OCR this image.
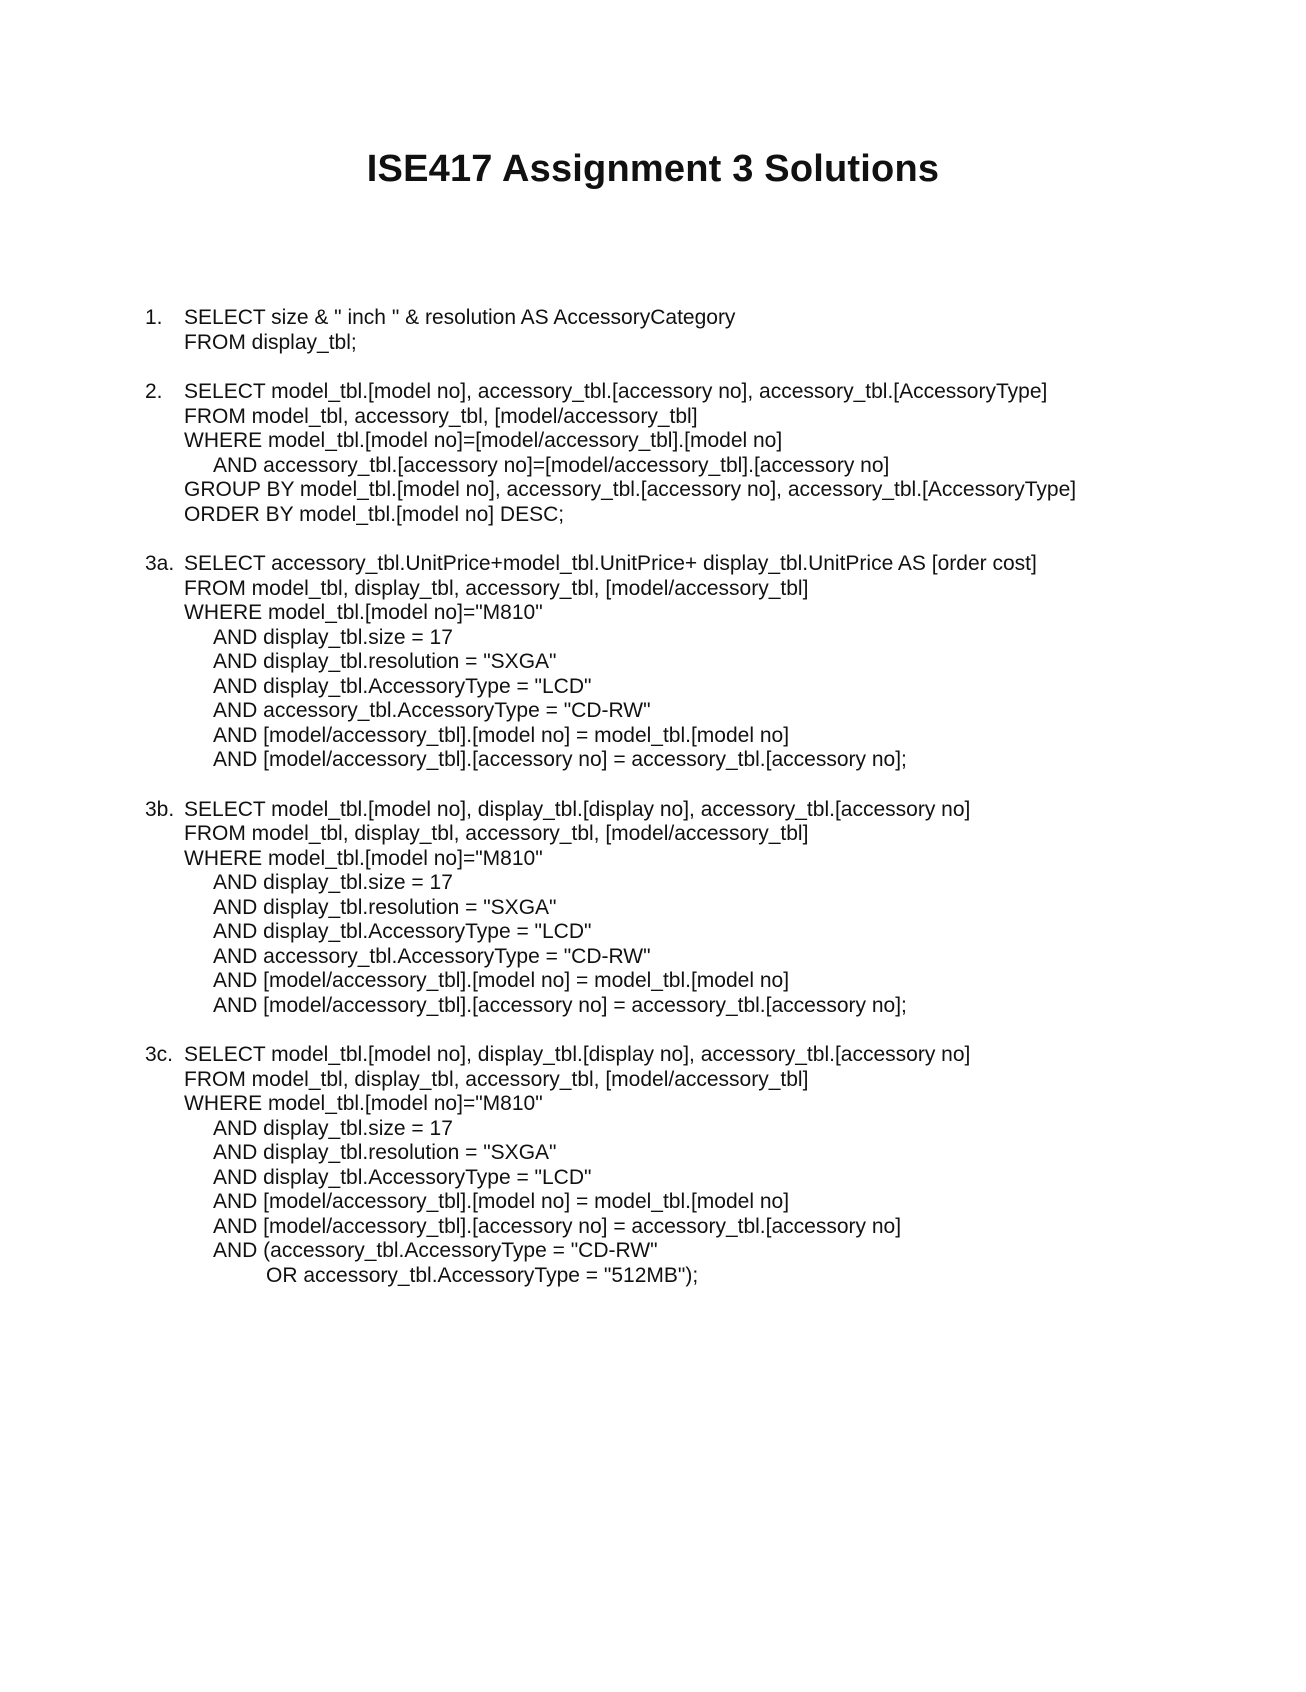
ISE417 Assignment 3 Solutions
1. SELECT size & " inch " & resolution AS AccessoryCategory
FROM display_tbl;
2. SELECT model_tbl.[model no], accessory_tbl.[accessory no], accessory_tbl.[AccessoryType]
FROM model_tbl, accessory_tbl, [model/accessory_tbl]
WHERE model_tbl.[model no]=[model/accessory_tbl].[model no]
AND accessory_tbl.[accessory no]=[model/accessory_tbl].[accessory no]
GROUP BY model_tbl.[model no], accessory_tbl.[accessory no], accessory_tbl.[AccessoryType]
ORDER BY model_tbl.[model no] DESC;
3a. SELECT accessory_tbl.UnitPrice+model_tbl.UnitPrice+ display_tbl.UnitPrice AS [order cost]
FROM model_tbl, display_tbl, accessory_tbl, [model/accessory_tbl]
WHERE model_tbl.[model no]="M810"
AND display_tbl.size = 17
AND display_tbl.resolution = "SXGA"
AND display_tbl.AccessoryType = "LCD"
AND accessory_tbl.AccessoryType = "CD-RW"
AND [model/accessory_tbl].[model no] = model_tbl.[model no]
AND [model/accessory_tbl].[accessory no] = accessory_tbl.[accessory no];
3b. SELECT model_tbl.[model no], display_tbl.[display no], accessory_tbl.[accessory no]
FROM model_tbl, display_tbl, accessory_tbl, [model/accessory_tbl]
WHERE model_tbl.[model no]="M810"
AND display_tbl.size = 17
AND display_tbl.resolution = "SXGA"
AND display_tbl.AccessoryType = "LCD"
AND accessory_tbl.AccessoryType = "CD-RW"
AND [model/accessory_tbl].[model no] = model_tbl.[model no]
AND [model/accessory_tbl].[accessory no] = accessory_tbl.[accessory no];
3c. SELECT model_tbl.[model no], display_tbl.[display no], accessory_tbl.[accessory no]
FROM model_tbl, display_tbl, accessory_tbl, [model/accessory_tbl]
WHERE model_tbl.[model no]="M810"
AND display_tbl.size = 17
AND display_tbl.resolution = "SXGA"
AND display_tbl.AccessoryType = "LCD"
AND [model/accessory_tbl].[model no] = model_tbl.[model no]
AND [model/accessory_tbl].[accessory no] = accessory_tbl.[accessory no]
AND (accessory_tbl.AccessoryType = "CD-RW"
OR accessory_tbl.AccessoryType = "512MB");
